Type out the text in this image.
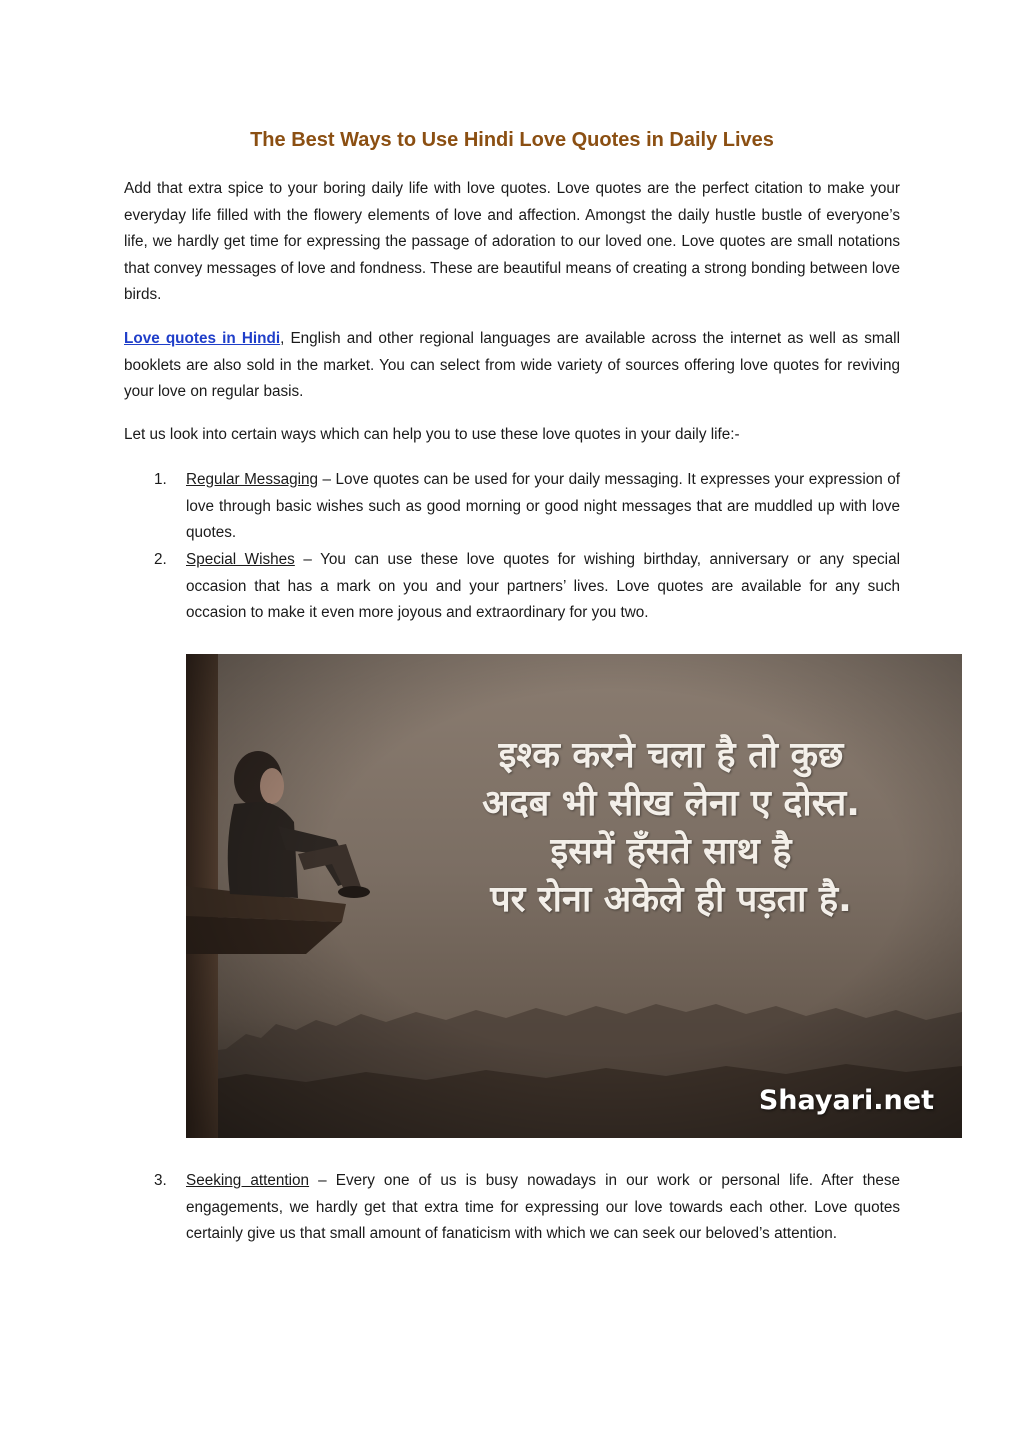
The Best Ways to Use Hindi Love Quotes in Daily Lives

Add that extra spice to your boring daily life with love quotes. Love quotes are the perfect citation to make your everyday life filled with the flowery elements of love and affection. Amongst the daily hustle bustle of everyone’s life, we hardly get time for expressing the passage of adoration to our loved one. Love quotes are small notations that convey messages of love and fondness. These are beautiful means of creating a strong bonding between love birds.

Love quotes in Hindi, English and other regional languages are available across the internet as well as small booklets are also sold in the market. You can select from wide variety of sources offering love quotes for reviving your love on regular basis.

Let us look into certain ways which can help you to use these love quotes in your daily life:-

1.	Regular Messaging – Love quotes can be used for your daily messaging. It expresses your expression of love through basic wishes such as good morning or good night messages that are muddled up with love quotes.

2.	Special Wishes – You can use these love quotes for wishing birthday, anniversary or any special occasion that has a mark on you and your partners’ lives. Love quotes are available for any such occasion to make it even more joyous and extraordinary for you two.

इश्क करने चला है तो कुछ
अदब भी सीख लेना ए दोस्त.
इसमें हँसते साथ है
पर रोना अकेले ही पड़ता है.
Shayari.net
3.	Seeking attention – Every one of us is busy nowadays in our work or personal life. After these engagements, we hardly get that extra time for expressing our love towards each other. Love quotes certainly give us that small amount of fanaticism with which we can seek our beloved’s attention.
